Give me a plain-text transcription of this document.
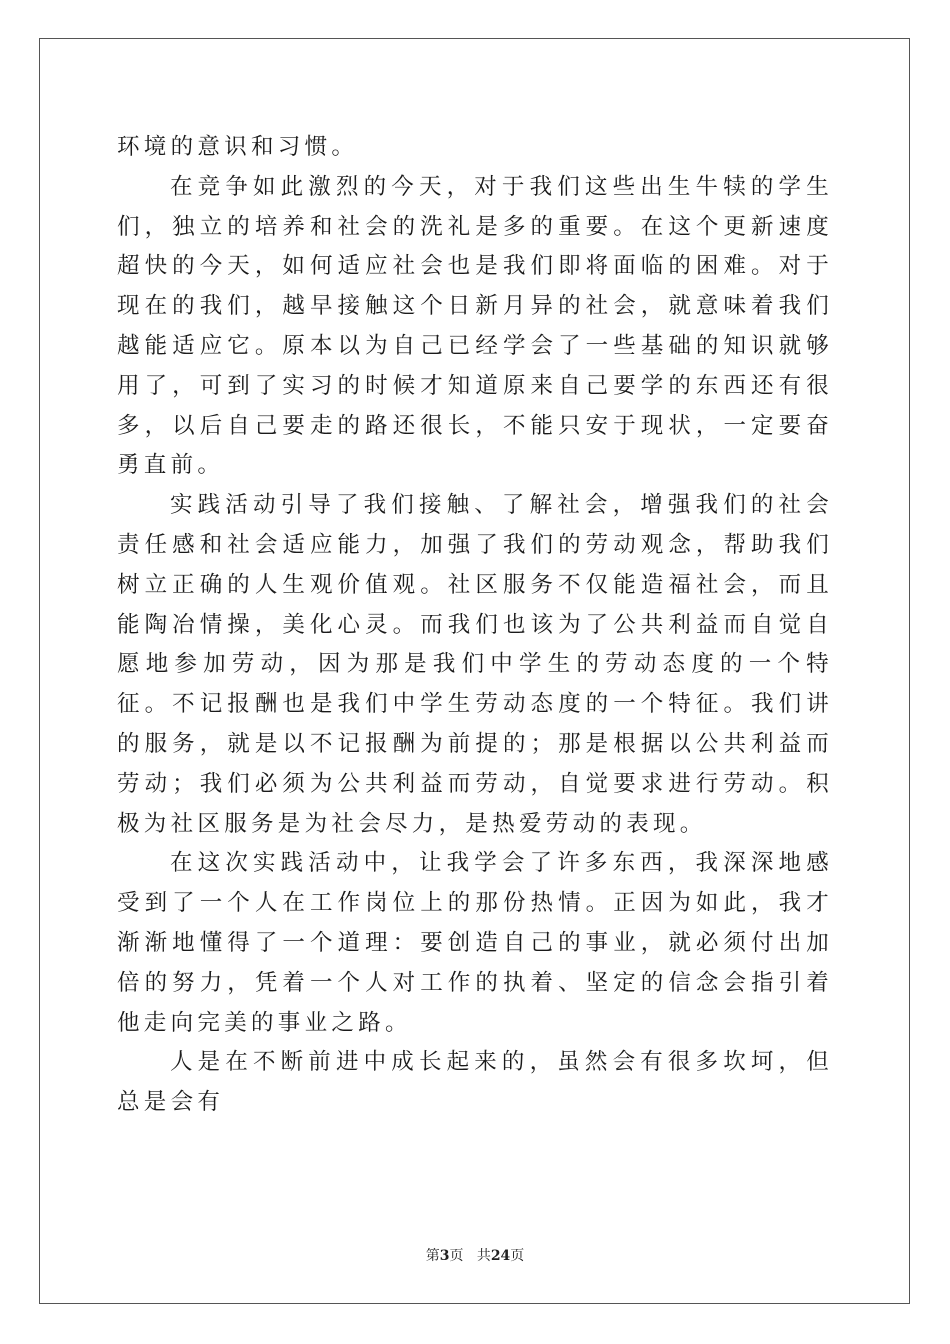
环境的意识和习惯。

在竞争如此激烈的今天，对于我们这些出生牛犊的学生们，独立的培养和社会的洗礼是多的重要。在这个更新速度超快的今天，如何适应社会也是我们即将面临的困难。对于现在的我们，越早接触这个日新月异的社会，就意味着我们越能适应它。原本以为自己已经学会了一些基础的知识就够用了，可到了实习的时候才知道原来自己要学的东西还有很多，以后自己要走的路还很长，不能只安于现状，一定要奋勇直前。

实践活动引导了我们接触、了解社会，增强我们的社会责任感和社会适应能力，加强了我们的劳动观念，帮助我们树立正确的人生观价值观。社区服务不仅能造福社会，而且能陶冶情操，美化心灵。而我们也该为了公共利益而自觉自愿地参加劳动，因为那是我们中学生的劳动态度的一个特征。不记报酬也是我们中学生劳动态度的一个特征。我们讲的服务，就是以不记报酬为前提的；那是根据以公共利益而劳动；我们必须为公共利益而劳动，自觉要求进行劳动。积极为社区服务是为社会尽力，是热爱劳动的表现。

在这次实践活动中，让我学会了许多东西，我深深地感受到了一个人在工作岗位上的那份热情。正因为如此，我才渐渐地懂得了一个道理：要创造自己的事业，就必须付出加倍的努力，凭着一个人对工作的执着、坚定的信念会指引着他走向完美的事业之路。

人是在不断前进中成长起来的，虽然会有很多坎坷，但总是会有

第3页 共24页
